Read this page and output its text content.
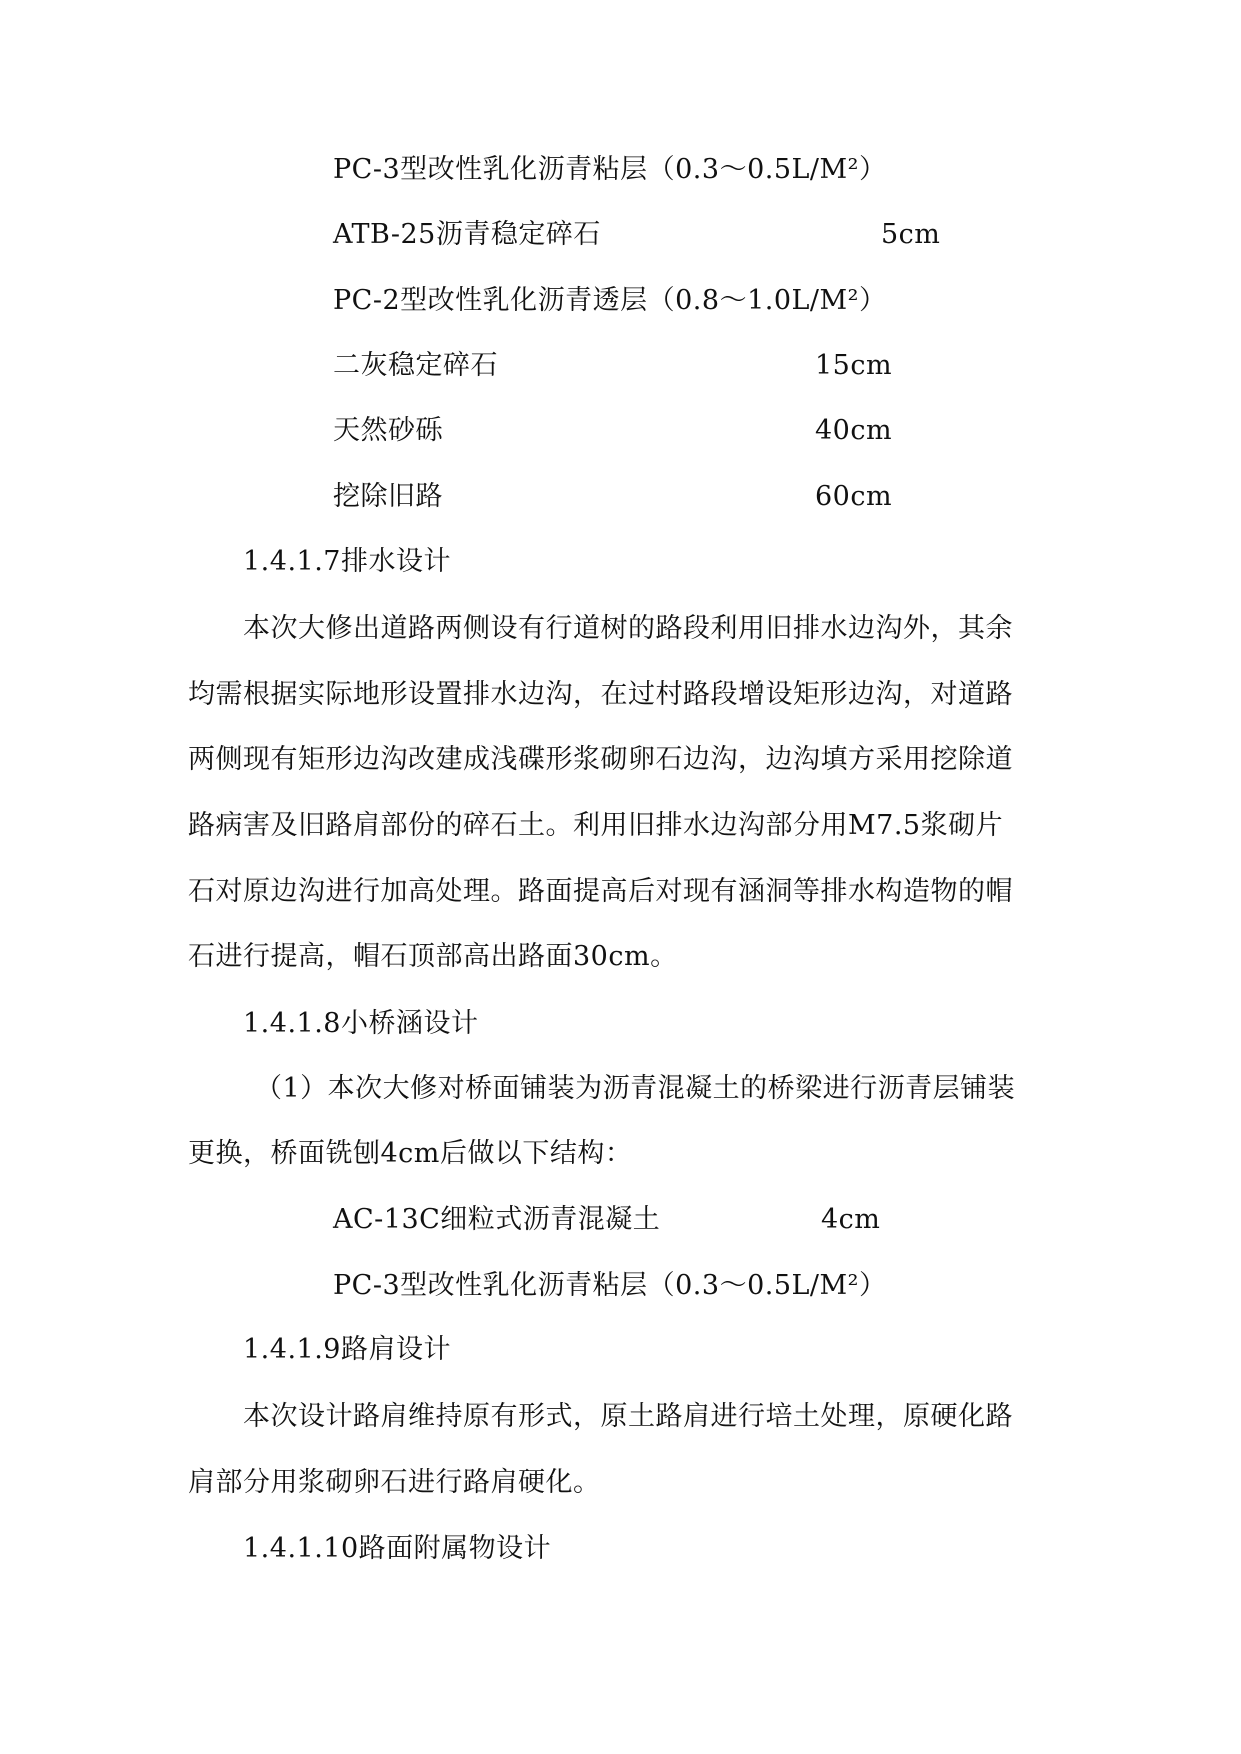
PC-3型改性乳化沥青粘层（0.3～0.5L/M²）
ATB-25沥青稳定碎石	5cm
PC-2型改性乳化沥青透层（0.8～1.0L/M²）
二灰稳定碎石	15cm
天然砂砾	40cm
挖除旧路	60cm
1.4.1.7排水设计
本次大修出道路两侧设有行道树的路段利用旧排水边沟外，其余
均需根据实际地形设置排水边沟，在过村路段增设矩形边沟，对道路
两侧现有矩形边沟改建成浅碟形浆砌卵石边沟，边沟填方采用挖除道
路病害及旧路肩部份的碎石土。利用旧排水边沟部分用M7.5浆砌片
石对原边沟进行加高处理。路面提高后对现有涵洞等排水构造物的帽
石进行提高，帽石顶部高出路面30cm。
1.4.1.8小桥涵设计
（1）本次大修对桥面铺装为沥青混凝土的桥梁进行沥青层铺装
更换，桥面铣刨4cm后做以下结构：
AC-13C细粒式沥青混凝土	4cm
PC-3型改性乳化沥青粘层（0.3～0.5L/M²）
1.4.1.9路肩设计
本次设计路肩维持原有形式，原土路肩进行培土处理，原硬化路
肩部分用浆砌卵石进行路肩硬化。
1.4.1.10路面附属物设计
